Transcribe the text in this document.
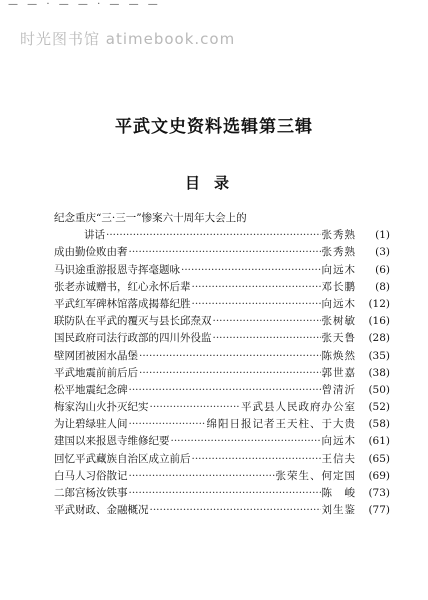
— — · — — · — — —
时光图书馆 atimebook.com
平武文史资料选辑第三辑
目录
纪念重庆“三·三一”惨案六十周年大会上的
讲话 ·····	张秀熟	(1)
成由勤俭败由奢 ·····	张秀熟	(3)
马识途重游报恩寺挥毫题咏 ·····	向远木	(6)
张老赤诚赠书，红心永怀后辈 ·····	邓长鹏	(8)
平武红军碑林馆落成揭幕纪胜 ·····	向远木	(12)
联防队在平武的覆灭与县长邱焘双 ·····	张树敏	(16)
国民政府司法行政部的四川外役监 ·····	张天鲁	(28)
壁网团被困水晶堡 ·····	陈焕然	(35)
平武地震前前后后 ·····	郭世嘉	(38)
松平地震纪念碑 ·····	曾清沂	(50)
梅家沟山火扑灭纪实 ·····	平武县人民政府办公室	(52)
为让碧绿驻人间 ·····	绵阳日报记者王天柱、于大贵	(58)
建国以来报恩寺维修纪要 ·····	向远木	(61)
回忆平武藏族自治区成立前后 ·····	王信夫	(65)
白马人习俗散记 ·····	张荣生、何定国	(69)
二郎宫杨汝铁事 ·····	陈　峻	(73)
平武财政、金融概况 ·····	刘生鉴	(77)
